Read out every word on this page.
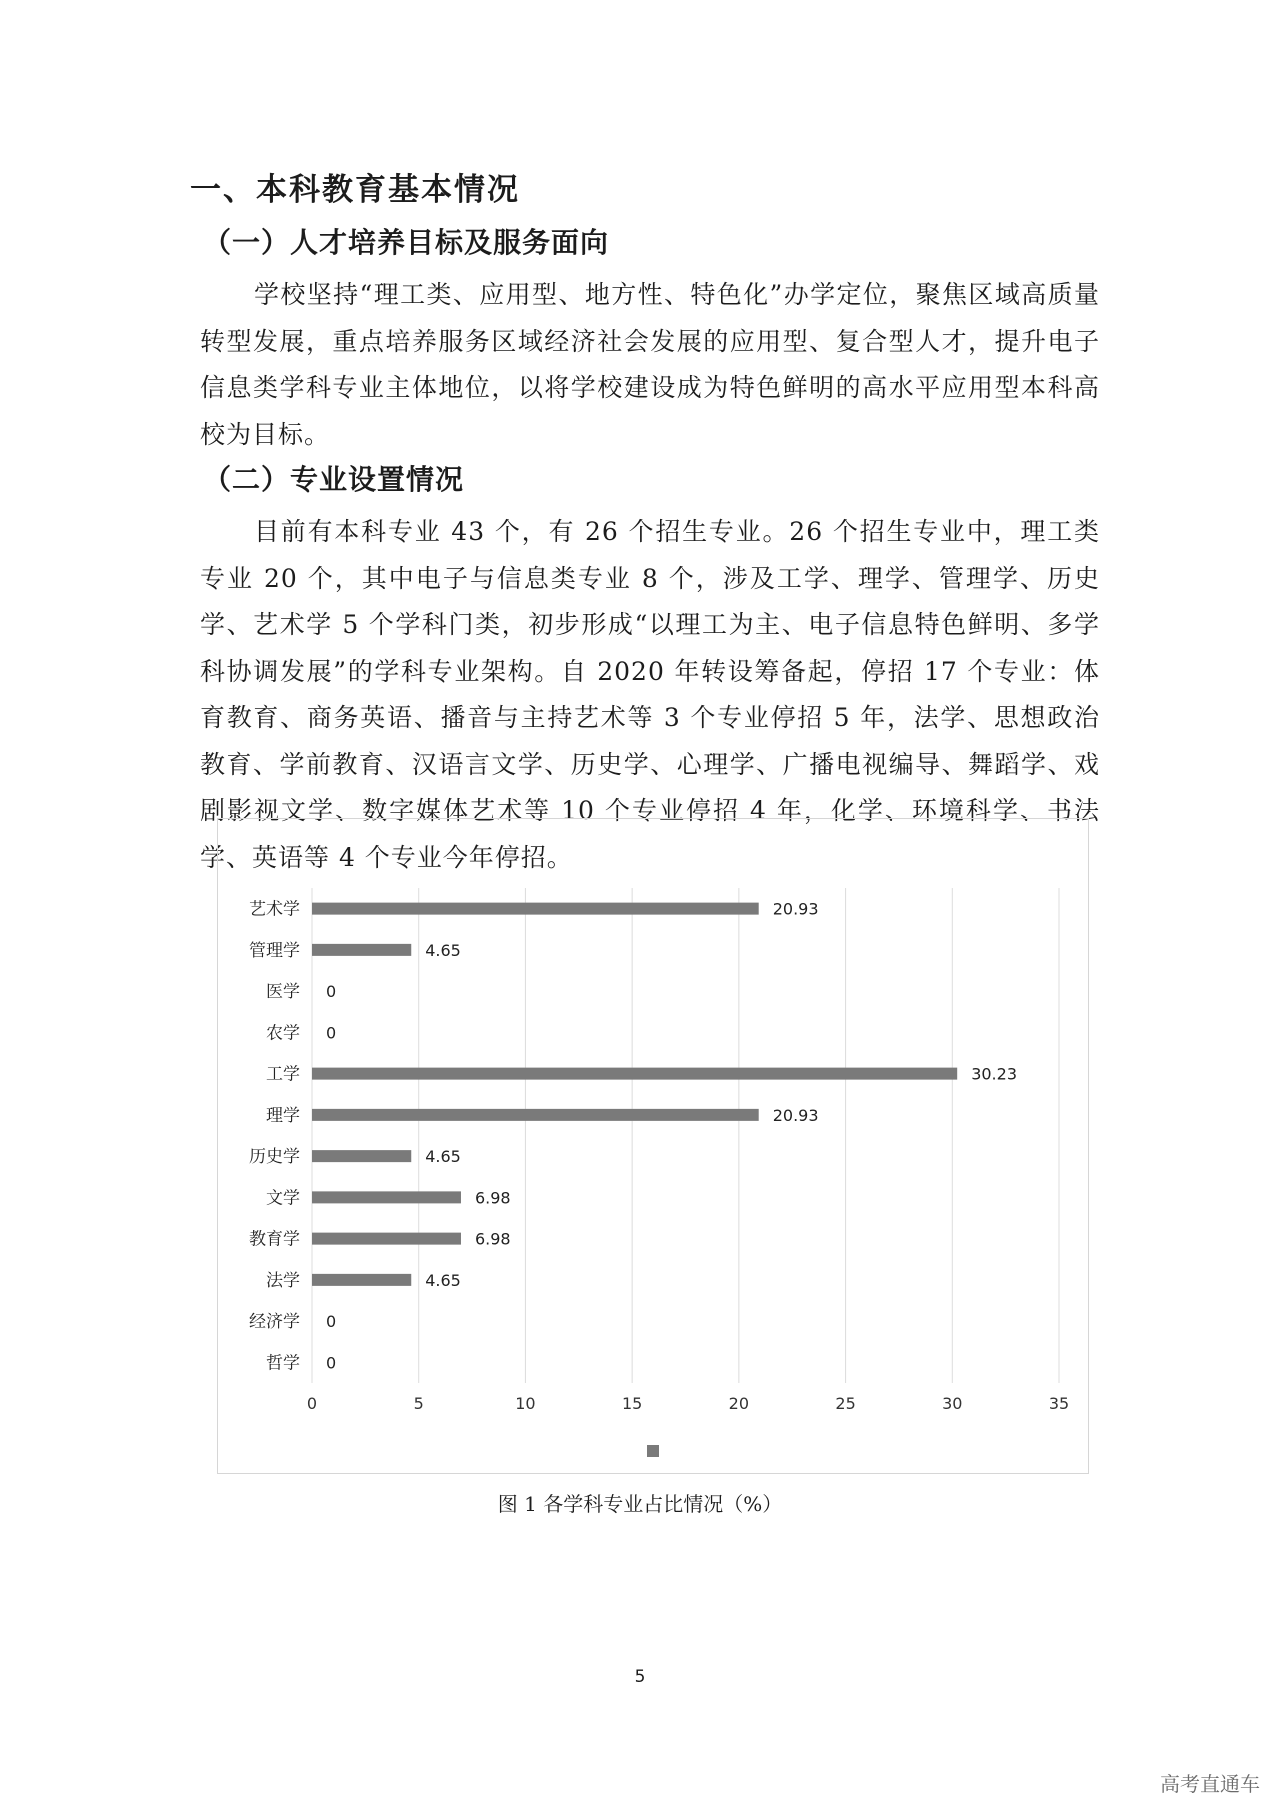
一、本科教育基本情况
（一）人才培养目标及服务面向

学校坚持“理工类、应用型、地方性、特色化”办学定位，聚焦区域高质量转型发展，重点培养服务区域经济社会发展的应用型、复合型人才，提升电子信息类学科专业主体地位，以将学校建设成为特色鲜明的高水平应用型本科高校为目标。

（二）专业设置情况

目前有本科专业 43 个，有 26 个招生专业。26 个招生专业中，理工类专业 20 个，其中电子与信息类专业 8 个，涉及工学、理学、管理学、历史学、艺术学 5 个学科门类，初步形成“以理工为主、电子信息特色鲜明、多学科协调发展”的学科专业架构。自 2020 年转设筹备起，停招 17 个专业：体育教育、商务英语、播音与主持艺术等 3 个专业停招 5 年，法学、思想政治教育、学前教育、汉语言文学、历史学、心理学、广播电视编导、舞蹈学、戏剧影视文学、数字媒体艺术等 10 个专业停招 4 年，化学、环境科学、书法学、英语等 4 个专业今年停招。

0	5	10	15	20	25	30	35
艺术学	20.93
管理学	4.65
医学 0
农学 0
工学	30.23
理学	20.93
历史学	4.65
文学	6.98
教育学	6.98
法学	4.65
经济学 0
哲学 0

图 1 各学科专业占比情况（%）

5

高考直通车
